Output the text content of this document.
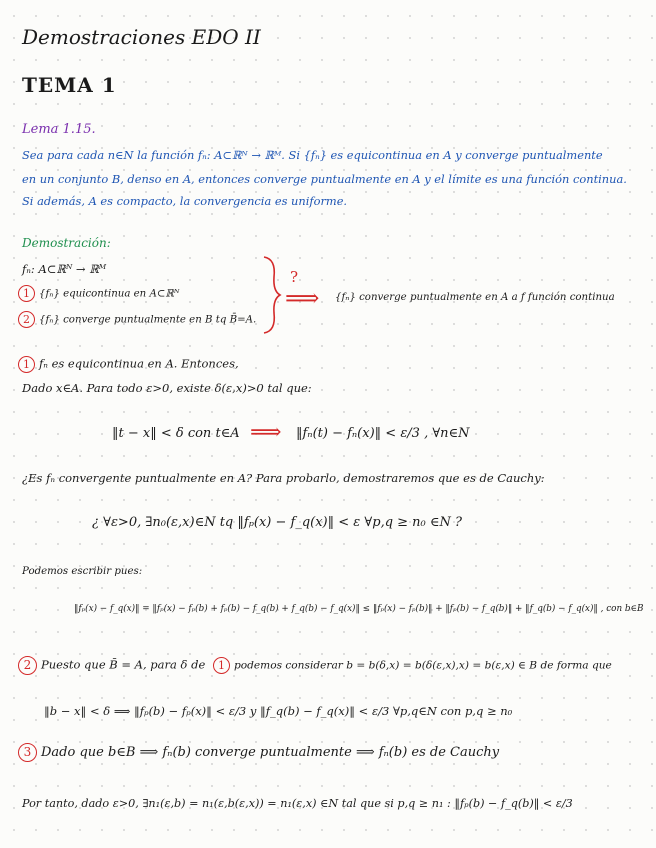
Demostraciones EDO II
TEMA 1
Lema 1.15.
Sea para cada n∈N la función fₙ: A⊂ℝᴺ → ℝᴹ. Si {fₙ} es equicontinua en A y converge puntualmente
en un conjunto B, denso en A, entonces converge puntualmente en A y el límite es una función continua.
Si además, A es compacto, la convergencia es uniforme.
Demostración:
fₙ: A⊂ℝᴺ → ℝᴹ
1 {fₙ} equicontinua en A⊂ℝᴺ
2 {fₙ} converge puntualmente en B tq B̄=A.
?
⟹ {fₙ} converge puntualmente en A a f función continua
1 fₙ es equicontinua en A. Entonces,
Dado x∈A. Para todo ε>0, existe δ(ε,x)>0 tal que:
‖t − x‖ < δ con t∈A ⟹ ‖fₙ(t) − fₙ(x)‖ < ε/3 , ∀n∈N
¿Es fₙ convergente puntualmente en A? Para probarlo, demostraremos que es de Cauchy:
¿ ∀ε>0, ∃n₀(ε,x)∈N tq ‖fₚ(x) − f_q(x)‖ < ε ∀p,q ≥ n₀ ∈N ?
Podemos escribir pues:
‖fₚ(x) − f_q(x)‖ = ‖fₚ(x) − fₚ(b) + fₚ(b) − f_q(b) + f_q(b) − f_q(x)‖ ≤ ‖fₚ(x) − fₚ(b)‖ + ‖fₚ(b) − f_q(b)‖ + ‖f_q(b) − f_q(x)‖ , con b∈B
2 Puesto que B̄ = A, para δ de 1 podemos considerar b = b(δ,x) = b(δ(ε,x),x) = b(ε,x) ∈ B de forma que
‖b − x‖ < δ ⟹ ‖fₚ(b) − fₚ(x)‖ < ε/3 y ‖f_q(b) − f_q(x)‖ < ε/3 ∀p,q∈N con p,q ≥ n₀
3 Dado que b∈B ⟹ fₙ(b) converge puntualmente ⟹ fₙ(b) es de Cauchy
Por tanto, dado ε>0, ∃n₁(ε,b) = n₁(ε,b(ε,x)) = n₁(ε,x) ∈N tal que si p,q ≥ n₁ : ‖fₚ(b) − f_q(b)‖ < ε/3
